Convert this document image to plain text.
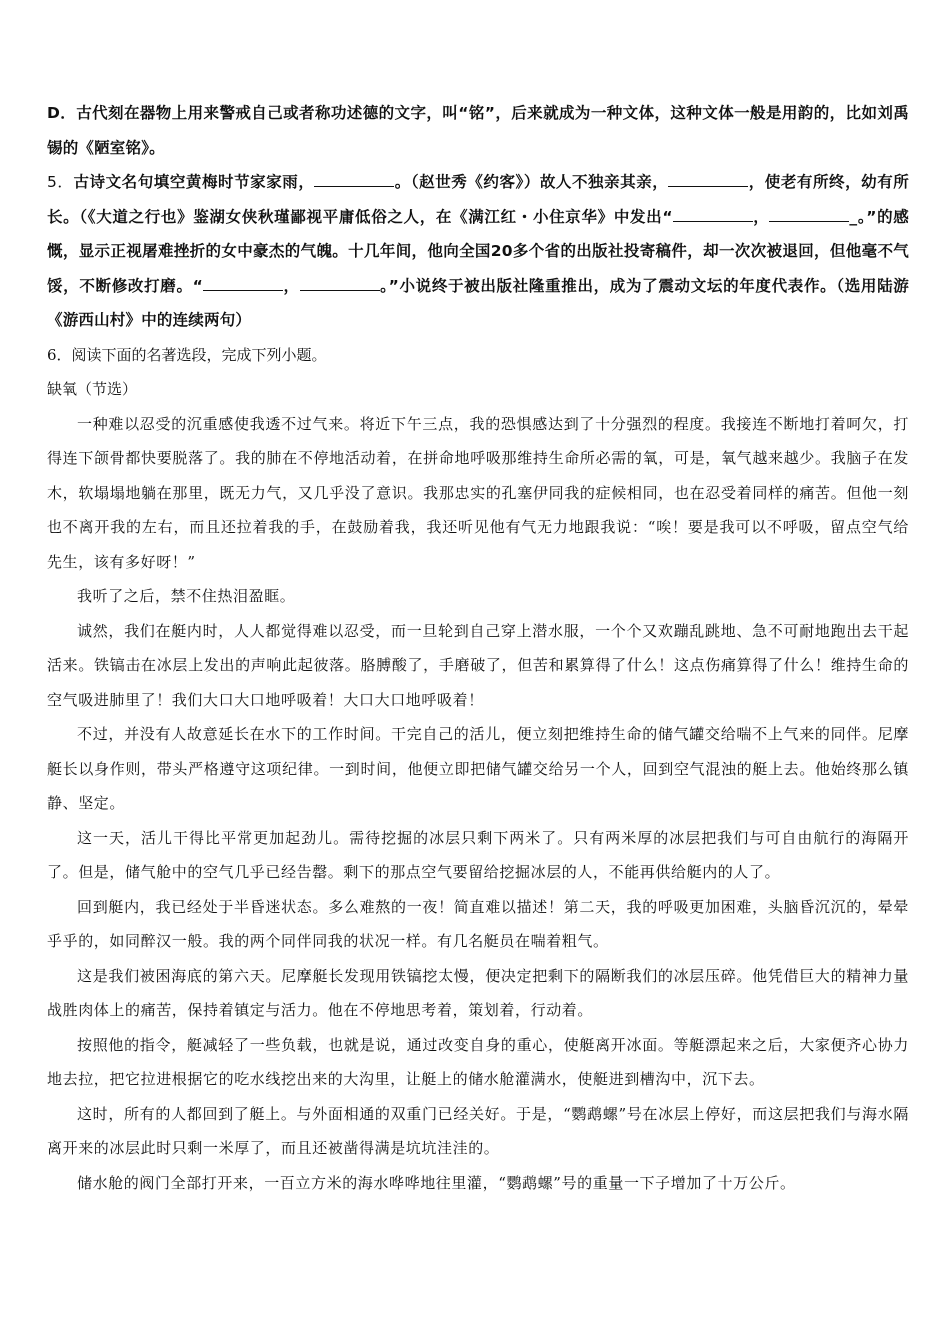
D．古代刻在器物上用来警戒自己或者称功述德的文字，叫“铭”，后来就成为一种文体，这种文体一般是用韵的，比如刘禹锡的《陋室铭》。

5．古诗文名句填空黄梅时节家家雨，	。（赵世秀《约客》）故人不独亲其亲，	，使老有所终，幼有所长。（《大道之行也》鉴湖女侠秋瑾鄙视平庸低俗之人，在《满江红・小住京华》中发出“	，	_。”的感慨，显示正视屠难挫折的女中豪杰的气魄。十几年间，他向全国20多个省的出版社投寄稿件，却一次次被退回，但他毫不气馁，不断修改打磨。“	，	。”小说终于被出版社隆重推出，成为了震动文坛的年度代表作。（选用陆游《游西山村》中的连续两句）

6．阅读下面的名著选段，完成下列小题。

缺氧（节选）

一种难以忍受的沉重感使我透不过气来。将近下午三点，我的恐惧感达到了十分强烈的程度。我接连不断地打着呵欠，打得连下颌骨都快要脱落了。我的肺在不停地活动着，在拼命地呼吸那维持生命所必需的氧，可是，氧气越来越少。我脑子在发木，软塌塌地躺在那里，既无力气，又几乎没了意识。我那忠实的孔塞伊同我的症候相同，也在忍受着同样的痛苦。但他一刻也不离开我的左右，而且还拉着我的手，在鼓励着我，我还听见他有气无力地跟我说：“唉！要是我可以不呼吸，留点空气给先生，该有多好呀！”

我听了之后，禁不住热泪盈眶。

诚然，我们在艇内时，人人都觉得难以忍受，而一旦轮到自己穿上潜水服，一个个又欢蹦乱跳地、急不可耐地跑出去干起活来。铁镐击在冰层上发出的声响此起彼落。胳膊酸了，手磨破了，但苦和累算得了什么！这点伤痛算得了什么！维持生命的空气吸进肺里了！我们大口大口地呼吸着！大口大口地呼吸着！

不过，并没有人故意延长在水下的工作时间。干完自己的活儿，便立刻把维持生命的储气罐交给喘不上气来的同伴。尼摩艇长以身作则，带头严格遵守这项纪律。一到时间，他便立即把储气罐交给另一个人，回到空气混浊的艇上去。他始终那么镇静、坚定。

这一天，活儿干得比平常更加起劲儿。需待挖掘的冰层只剩下两米了。只有两米厚的冰层把我们与可自由航行的海隔开了。但是，储气舱中的空气几乎已经告罄。剩下的那点空气要留给挖掘冰层的人，不能再供给艇内的人了。

回到艇内，我已经处于半昏迷状态。多么难熬的一夜！简直难以描述！第二天，我的呼吸更加困难，头脑昏沉沉的，晕晕乎乎的，如同醉汉一般。我的两个同伴同我的状况一样。有几名艇员在喘着粗气。

这是我们被困海底的第六天。尼摩艇长发现用铁镐挖太慢，便决定把剩下的隔断我们的冰层压碎。他凭借巨大的精神力量战胜肉体上的痛苦，保持着镇定与活力。他在不停地思考着，策划着，行动着。

按照他的指令，艇减轻了一些负载，也就是说，通过改变自身的重心，使艇离开冰面。等艇漂起来之后，大家便齐心协力地去拉，把它拉进根据它的吃水线挖出来的大沟里，让艇上的储水舱灌满水，使艇进到槽沟中，沉下去。

这时，所有的人都回到了艇上。与外面相通的双重门已经关好。于是，“鹦鹉螺”号在冰层上停好，而这层把我们与海水隔离开来的冰层此时只剩一米厚了，而且还被凿得满是坑坑洼洼的。

储水舱的阀门全部打开来，一百立方米的海水哗哗地往里灌，“鹦鹉螺”号的重量一下子增加了十万公斤。
